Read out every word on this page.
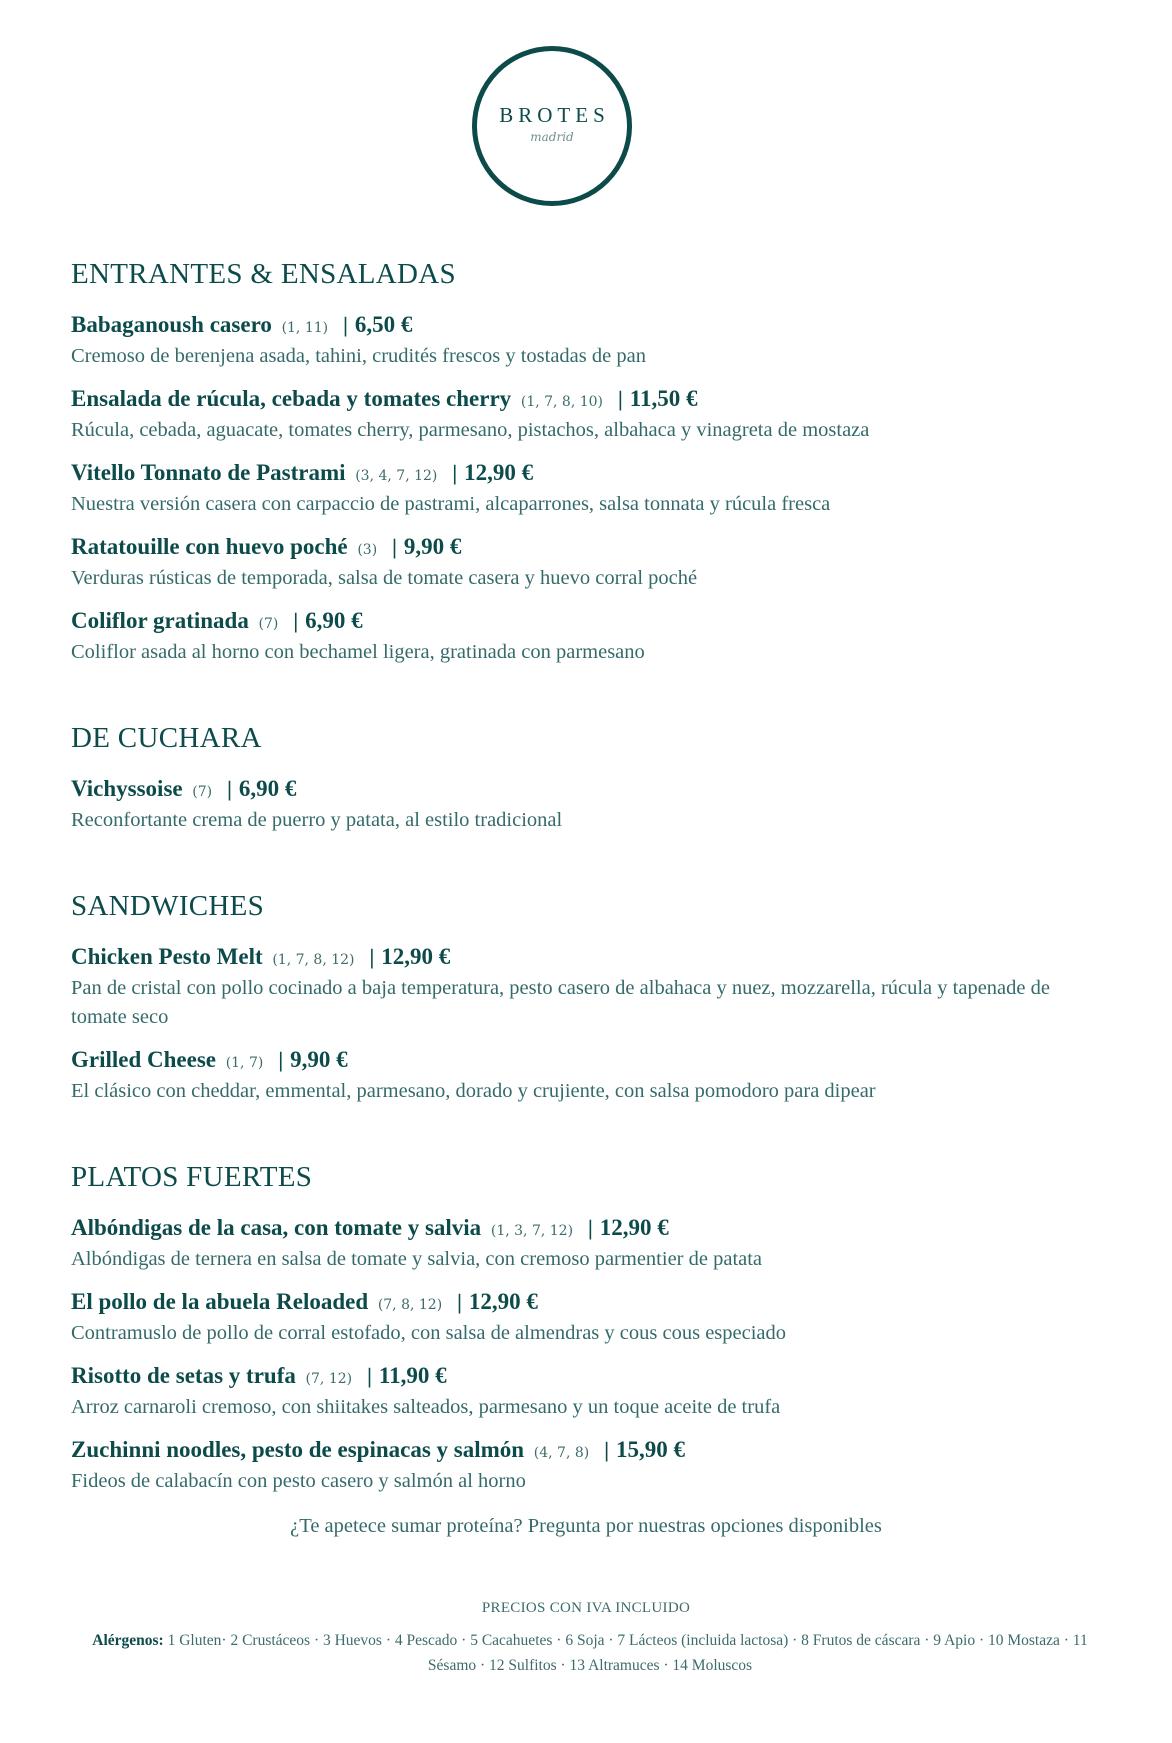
BROTES
madrid
ENTRANTES & ENSALADAS
Babaganoush casero (1, 11) | 6,50 €
Cremoso de berenjena asada, tahini, crudités frescos y tostadas de pan
Ensalada de rúcula, cebada y tomates cherry (1, 7, 8, 10) | 11,50 €
Rúcula, cebada, aguacate, tomates cherry, parmesano, pistachos, albahaca y vinagreta de mostaza
Vitello Tonnato de Pastrami (3, 4, 7, 12) | 12,90 €
Nuestra versión casera con carpaccio de pastrami, alcaparrones, salsa tonnata y rúcula fresca
Ratatouille con huevo poché (3) | 9,90 €
Verduras rústicas de temporada, salsa de tomate casera y huevo corral poché
Coliflor gratinada (7) | 6,90 €
Coliflor asada al horno con bechamel ligera, gratinada con parmesano
DE CUCHARA
Vichyssoise (7) | 6,90 €
Reconfortante crema de puerro y patata, al estilo tradicional
SANDWICHES
Chicken Pesto Melt (1, 7, 8, 12) | 12,90 €
Pan de cristal con pollo cocinado a baja temperatura, pesto casero de albahaca y nuez, mozzarella, rúcula y tapenade de tomate seco
Grilled Cheese (1, 7) | 9,90 €
El clásico con cheddar, emmental, parmesano, dorado y crujiente, con salsa pomodoro para dipear
PLATOS FUERTES
Albóndigas de la casa, con tomate y salvia (1, 3, 7, 12) | 12,90 €
Albóndigas de ternera en salsa de tomate y salvia, con cremoso parmentier de patata
El pollo de la abuela Reloaded (7, 8, 12) | 12,90 €
Contramuslo de pollo de corral estofado, con salsa de almendras y cous cous especiado
Risotto de setas y trufa (7, 12) | 11,90 €
Arroz carnaroli cremoso, con shiitakes salteados, parmesano y un toque aceite de trufa
Zuchinni noodles, pesto de espinacas y salmón (4, 7, 8) | 15,90 €
Fideos de calabacín con pesto casero y salmón al horno
¿Te apetece sumar proteína? Pregunta por nuestras opciones disponibles
PRECIOS CON IVA INCLUIDO
Alérgenos: 1 Gluten· 2 Crustáceos · 3 Huevos · 4 Pescado · 5 Cacahuetes · 6 Soja · 7 Lácteos (incluida lactosa) · 8 Frutos de cáscara · 9 Apio · 10 Mostaza · 11 Sésamo · 12 Sulfitos · 13 Altramuces · 14 Moluscos
